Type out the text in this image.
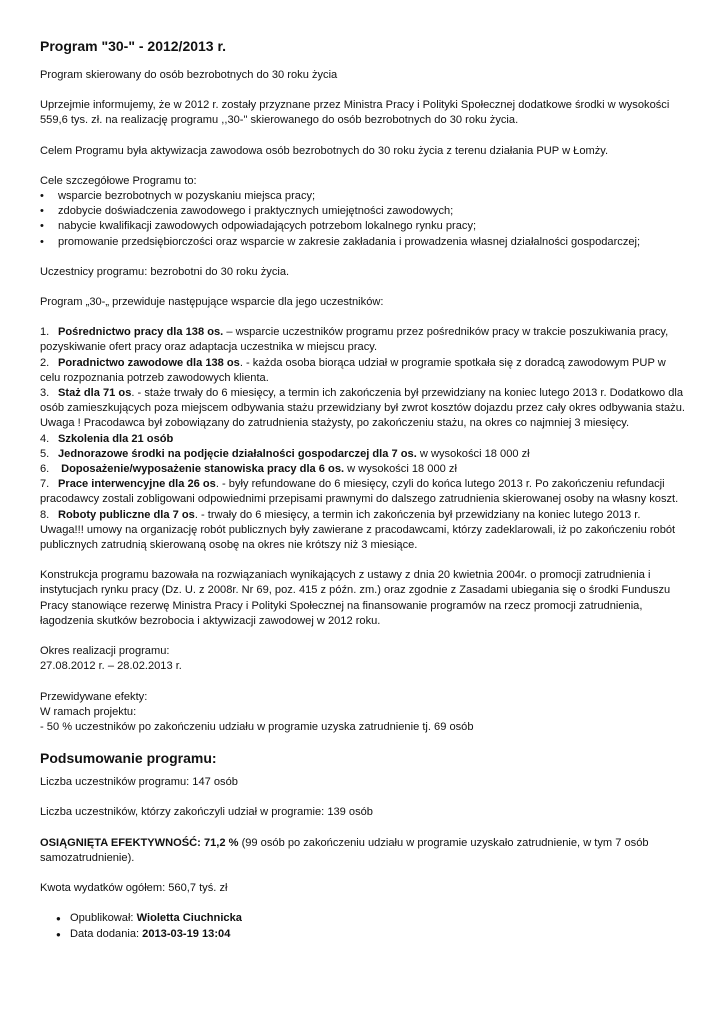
Program "30-" - 2012/2013 r.

Program skierowany do osób bezrobotnych do 30 roku życia

Uprzejmie informujemy, że w 2012 r. zostały przyznane przez Ministra Pracy i Polityki Społecznej dodatkowe środki w wysokości 559,6 tys. zł. na realizację programu ,,30-" skierowanego do osób bezrobotnych do 30 roku życia.

Celem Programu była aktywizacja zawodowa osób bezrobotnych do 30 roku życia z terenu działania PUP w Łomży.

Cele szczegółowe Programu to:
•	wsparcie bezrobotnych w pozyskaniu miejsca pracy;
•	zdobycie doświadczenia zawodowego i praktycznych umiejętności zawodowych;
•	nabycie kwalifikacji zawodowych odpowiadających potrzebom lokalnego rynku pracy;
•	promowanie przedsiębiorczości oraz wsparcie w zakresie zakładania i prowadzenia własnej działalności gospodarczej;

Uczestnicy programu: bezrobotni do 30 roku życia.

Program „30-„ przewiduje następujące wsparcie dla jego uczestników:

1. Pośrednictwo pracy dla 138 os. – wsparcie uczestników programu przez pośredników pracy w trakcie poszukiwania pracy, pozyskiwanie ofert pracy oraz adaptacja uczestnika w miejscu pracy.
2. Poradnictwo zawodowe dla 138 os. - każda osoba biorąca udział w programie spotkała się z doradcą zawodowym PUP w celu rozpoznania potrzeb zawodowych klienta.
3. Staż dla 71 os. - staże trwały do 6 miesięcy, a termin ich zakończenia był przewidziany na koniec lutego 2013 r. Dodatkowo dla osób zamieszkujących poza miejscem odbywania stażu przewidziany był zwrot kosztów dojazdu przez cały okres odbywania stażu.
Uwaga ! Pracodawca był zobowiązany do zatrudnienia stażysty, po zakończeniu stażu, na okres co najmniej 3 miesięcy.
4. Szkolenia dla 21 osób
5. Jednorazowe środki na podjęcie działalności gospodarczej dla 7 os. w wysokości 18 000 zł
6. Doposażenie/wyposażenie stanowiska pracy dla 6 os. w wysokości 18 000 zł
7. Prace interwencyjne dla 26 os. - były refundowane do 6 miesięcy, czyli do końca lutego 2013 r. Po zakończeniu refundacji pracodawcy zostali zobligowani odpowiednimi przepisami prawnymi do dalszego zatrudnienia skierowanej osoby na własny koszt.
8. Roboty publiczne dla 7 os. - trwały do 6 miesięcy, a termin ich zakończenia był przewidziany na koniec lutego 2013 r. Uwaga!!! umowy na organizację robót publicznych były zawierane z pracodawcami, którzy zadeklarowali, iż po zakończeniu robót publicznych zatrudnią skierowaną osobę na okres nie krótszy niż 3 miesiące.

Konstrukcja programu bazowała na rozwiązaniach wynikających z ustawy z dnia 20 kwietnia 2004r. o promocji zatrudnienia i instytucjach rynku pracy (Dz. U. z 2008r. Nr 69, poz. 415 z późn. zm.) oraz zgodnie z Zasadami ubiegania się o środki Funduszu Pracy stanowiące rezerwę Ministra Pracy i Polityki Społecznej na finansowanie programów na rzecz promocji zatrudnienia, łagodzenia skutków bezrobocia i aktywizacji zawodowej w 2012 roku.

Okres realizacji programu:
27.08.2012 r. – 28.02.2013 r.
Przewidywane efekty:
W ramach projektu:
- 50 % uczestników po zakończeniu udziału w programie uzyska zatrudnienie tj. 69 osób
Podsumowanie programu:

Liczba uczestników programu: 147 osób

Liczba uczestników, którzy zakończyli udział w programie: 139 osób

OSIĄGNIĘTA EFEKTYWNOŚĆ: 71,2 % (99 osób po zakończeniu udziału w programie uzyskało zatrudnienie, w tym 7 osób samozatrudnienie).

Kwota wydatków ogółem: 560,7 tyś. zł

● Opublikował: Wioletta Ciuchnicka
● Data dodania: 2013-03-19 13:04
